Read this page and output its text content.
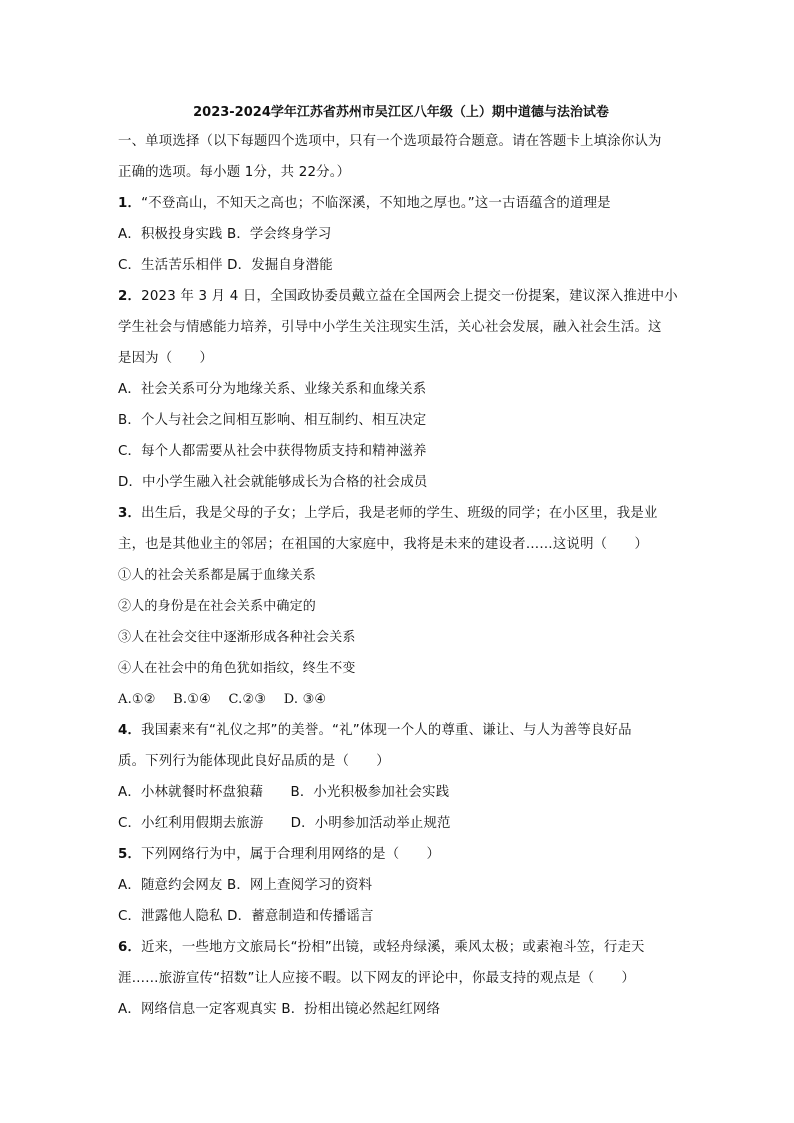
2023-2024学年江苏省苏州市吴江区八年级（上）期中道德与法治试卷
一、单项选择（以下每题四个选项中，只有一个选项最符合题意。请在答题卡上填涂你认为
正确的选项。每小题 1分，共 22分。）
1．“不登高山，不知天之高也；不临深溪，不知地之厚也。”这一古语蕴含的道理是
A．积极投身实践 B．学会终身学习
C．生活苦乐相伴 D．发掘自身潜能
2．2023 年 3 月 4 日，全国政协委员戴立益在全国两会上提交一份提案，建议深入推进中小
学生社会与情感能力培养，引导中小学生关注现实生活，关心社会发展，融入社会生活。这
是因为（　　）
A．社会关系可分为地缘关系、业缘关系和血缘关系
B．个人与社会之间相互影响、相互制约、相互决定
C．每个人都需要从社会中获得物质支持和精神滋养
D．中小学生融入社会就能够成长为合格的社会成员
3．出生后，我是父母的子女；上学后，我是老师的学生、班级的同学；在小区里，我是业
主，也是其他业主的邻居；在祖国的大家庭中，我将是未来的建设者……这说明（　　）
①人的社会关系都是属于血缘关系
②人的身份是在社会关系中确定的
③人在社会交往中逐渐形成各种社会关系
④人在社会中的角色犹如指纹，终生不变
A.①②　 B.①④　 C.②③　 D. ③④
4．我国素来有“礼仪之邦”的美誉。“礼”体现一个人的尊重、谦让、与人为善等良好品
质。下列行为能体现此良好品质的是（　　）
A．小林就餐时杯盘狼藉　　B．小光积极参加社会实践
C．小红利用假期去旅游　　D．小明参加活动举止规范
5．下列网络行为中，属于合理利用网络的是（　　）
A．随意约会网友 B．网上查阅学习的资料
C．泄露他人隐私 D．蓄意制造和传播谣言
6．近来，一些地方文旅局长“扮相”出镜，或轻舟绿溪，乘风太极；或素袍斗笠，行走天
涯……旅游宣传“招数”让人应接不暇。以下网友的评论中，你最支持的观点是（　　）
A．网络信息一定客观真实 B．扮相出镜必然起红网络
